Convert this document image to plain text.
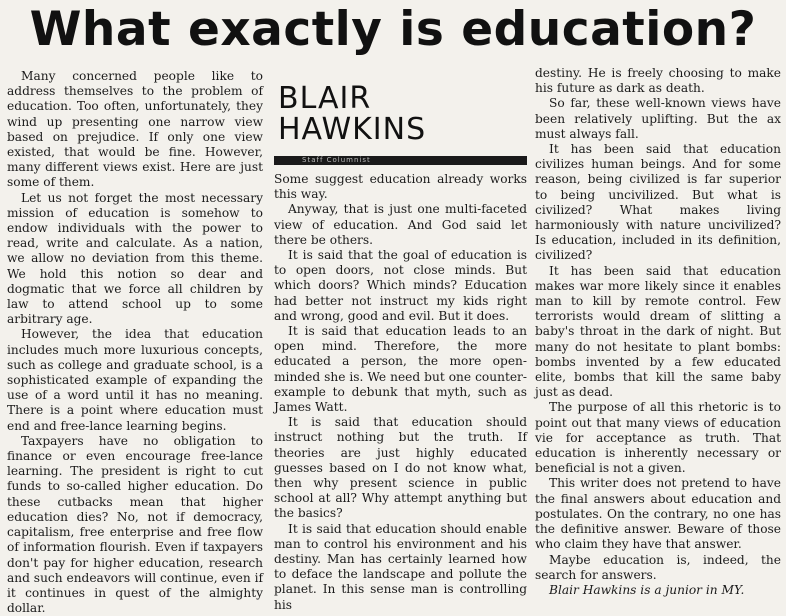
What exactly is education?

Many concerned people like to address themselves to the problem of education. Too often, unfortunately, they wind up presenting one narrow view based on prejudice. If only one view existed, that would be fine. However, many different views exist. Here are just some of them.

Let us not forget the most necessary mission of education is somehow to endow individuals with the power to read, write and calculate. As a nation, we allow no deviation from this theme. We hold this notion so dear and dogmatic that we force all children by law to attend school up to some arbitrary age.

However, the idea that education includes much more luxurious concepts, such as college and graduate school, is a sophisticated example of expanding the use of a word until it has no meaning. There is a point where education must end and free-lance learning begins.

Taxpayers have no obligation to finance or even encourage free-lance learning. The president is right to cut funds to so-called higher education. Do these cutbacks mean that higher education dies? No, not if democracy, capitalism, free enterprise and free flow of information flourish. Even if taxpayers don't pay for higher education, research and such endeavors will continue, even if it continues in quest of the almighty dollar.

BLAIR
HAWKINS
Staff Columnist

Some suggest education already works this way.

Anyway, that is just one multi-faceted view of education. And God said let there be others.

It is said that the goal of education is to open doors, not close minds. But which doors? Which minds? Education had better not instruct my kids right and wrong, good and evil. But it does.

It is said that education leads to an open mind. Therefore, the more educated a person, the more open-minded she is. We need but one counter-example to debunk that myth, such as James Watt.

It is said that education should instruct nothing but the truth. If theories are just highly educated guesses based on I do not know what, then why present science in public school at all? Why attempt anything but the basics?

It is said that education should enable man to control his environment and his destiny. Man has certainly learned how to deface the landscape and pollute the planet. In this sense man is controlling his

destiny. He is freely choosing to make his future as dark as death.

So far, these well-known views have been relatively uplifting. But the ax must always fall.

It has been said that education civilizes human beings. And for some reason, being civilized is far superior to being uncivilized. But what is civilized? What makes living harmoniously with nature uncivilized? Is education, included in its definition, civilized?

It has been said that education makes war more likely since it enables man to kill by remote control. Few terrorists would dream of slitting a baby's throat in the dark of night. But many do not hesitate to plant bombs: bombs invented by a few educated elite, bombs that kill the same baby just as dead.

The purpose of all this rhetoric is to point out that many views of education vie for acceptance as truth. That education is inherently necessary or beneficial is not a given.

This writer does not pretend to have the final answers about education and postulates. On the contrary, no one has the definitive answer. Beware of those who claim they have that answer.

Maybe education is, indeed, the search for answers.

Blair Hawkins is a junior in MY.
